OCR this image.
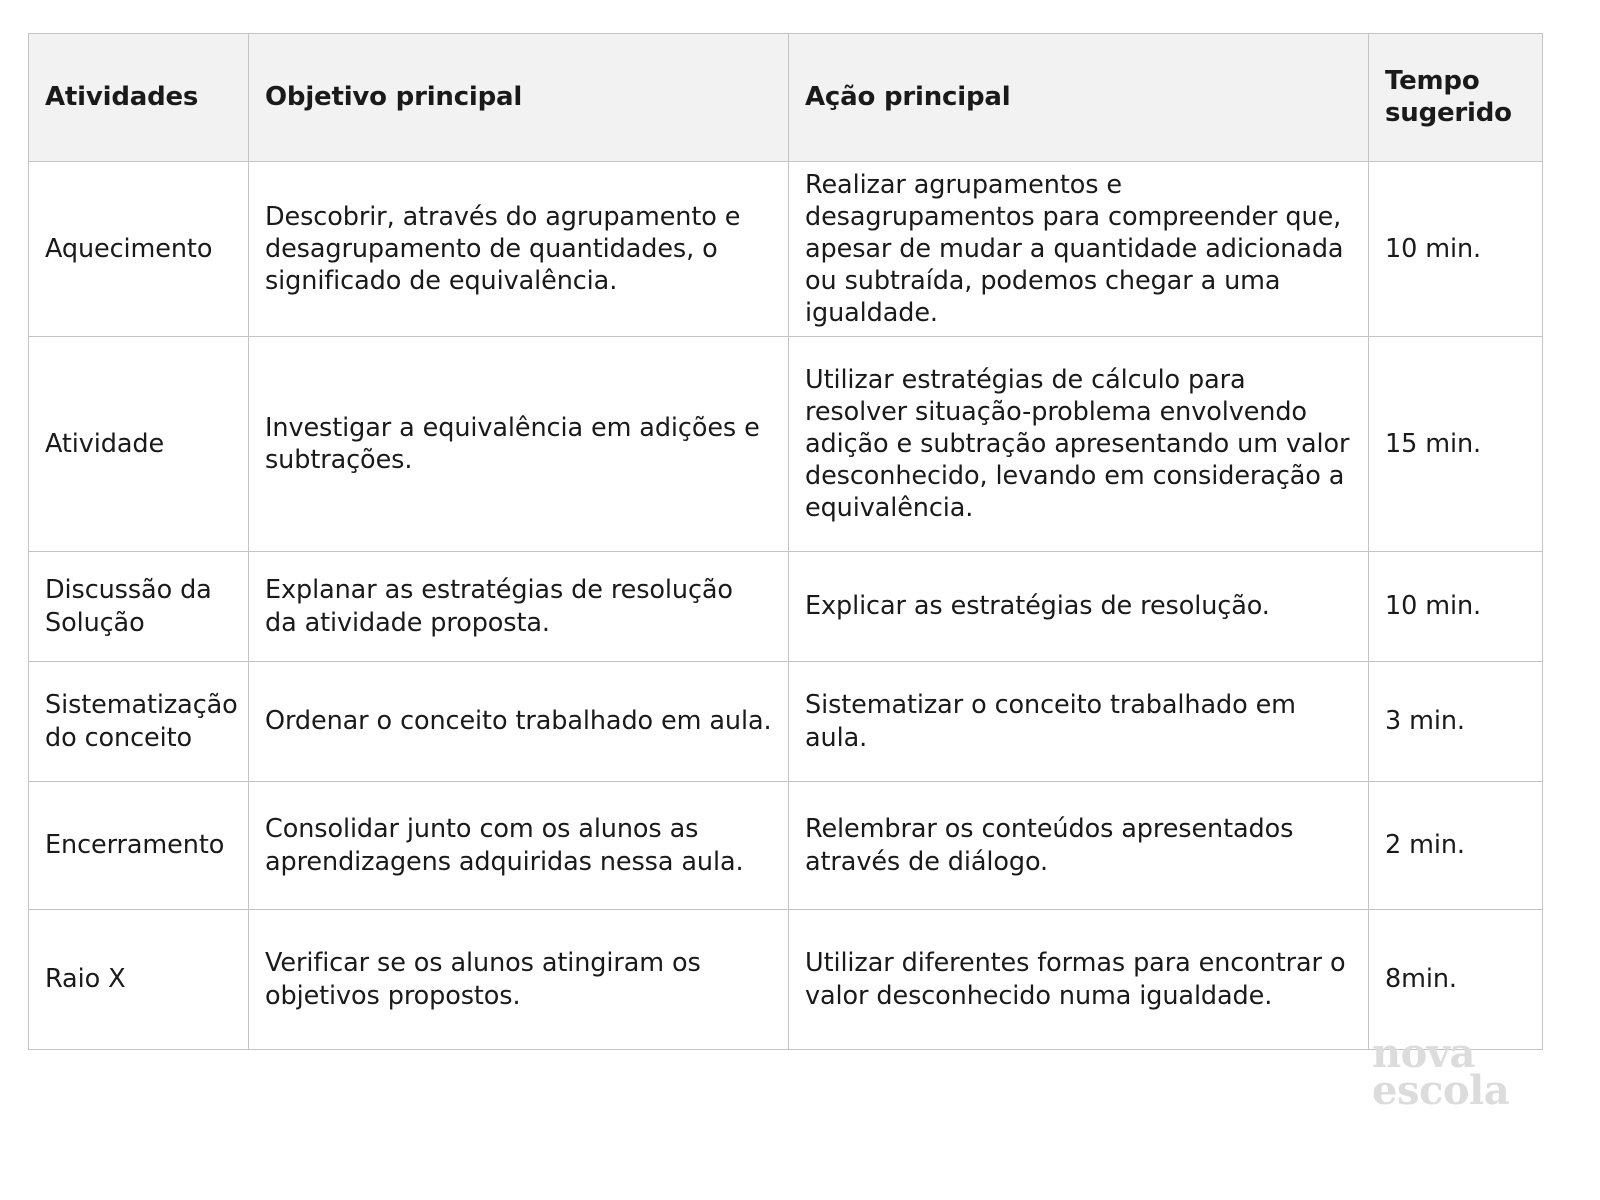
Atividades	Objetivo principal	Ação principal	Tempo sugerido
Aquecimento	Descobrir, através do agrupamento e desagrupamento de quantidades, o significado de equivalência.	Realizar agrupamentos e desagrupamentos para compreender que, apesar de mudar a quantidade adicionada ou subtraída, podemos chegar a uma igualdade.	10 min.
Atividade	Investigar a equivalência em adições e subtrações.	Utilizar estratégias de cálculo para resolver situação-problema envolvendo adição e subtração apresentando um valor desconhecido, levando em consideração a equivalência.	15 min.
Discussão da Solução	Explanar as estratégias de resolução da atividade proposta.	Explicar as estratégias de resolução.	10 min.
Sistematização do conceito	Ordenar o conceito trabalhado em aula.	Sistematizar o conceito trabalhado em aula.	3 min.
Encerramento	Consolidar junto com os alunos as aprendizagens adquiridas nessa aula.	Relembrar os conteúdos apresentados através de diálogo.	2 min.
Raio X	Verificar se os alunos atingiram os objetivos propostos.	Utilizar diferentes formas para encontrar o valor desconhecido numa igualdade.	8min.
nova
escola
